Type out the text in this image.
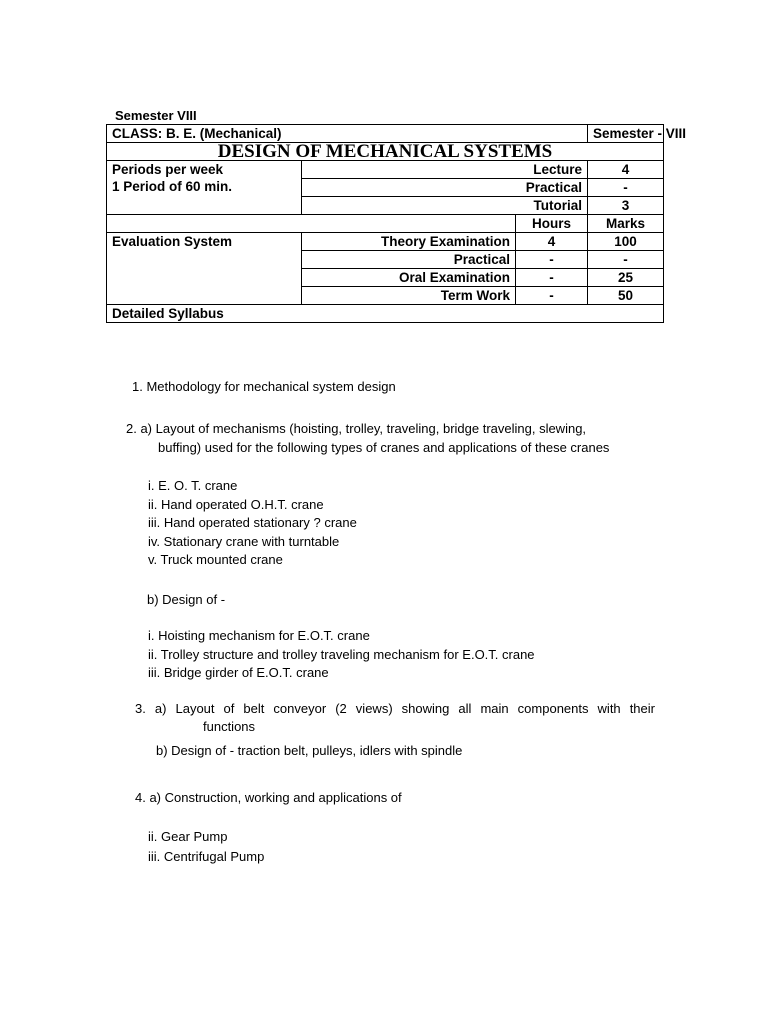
Semester VIII
CLASS: B. E. (Mechanical)			Semester - VIII
DESIGN OF MECHANICAL SYSTEMS			

Periods per week
1 Period of 60 min.	Lecture		4
	Practical		-
	Tutorial		3
		Hours	Marks
Evaluation System	Theory Examination	4	100
	Practical	-	-
	Oral Examination	-	25
	Term Work	-	50
Detailed Syllabus			
1. Methodology for mechanical system design
2. a) Layout of mechanisms (hoisting, trolley, traveling, bridge traveling, slewing,
buffing) used for the following types of cranes and applications of these cranes
i. E. O. T. crane
ii. Hand operated O.H.T. crane
iii. Hand operated stationary ? crane
iv. Stationary crane with turntable
v. Truck mounted crane
b) Design of -
i. Hoisting mechanism for E.O.T. crane
ii. Trolley structure and trolley traveling mechanism for E.O.T. crane
iii. Bridge girder of E.O.T. crane
3. a) Layout of belt conveyor (2 views) showing all main components with their
functions
b) Design of - traction belt, pulleys, idlers with spindle
4. a) Construction, working and applications of
ii. Gear Pump
iii. Centrifugal Pump
